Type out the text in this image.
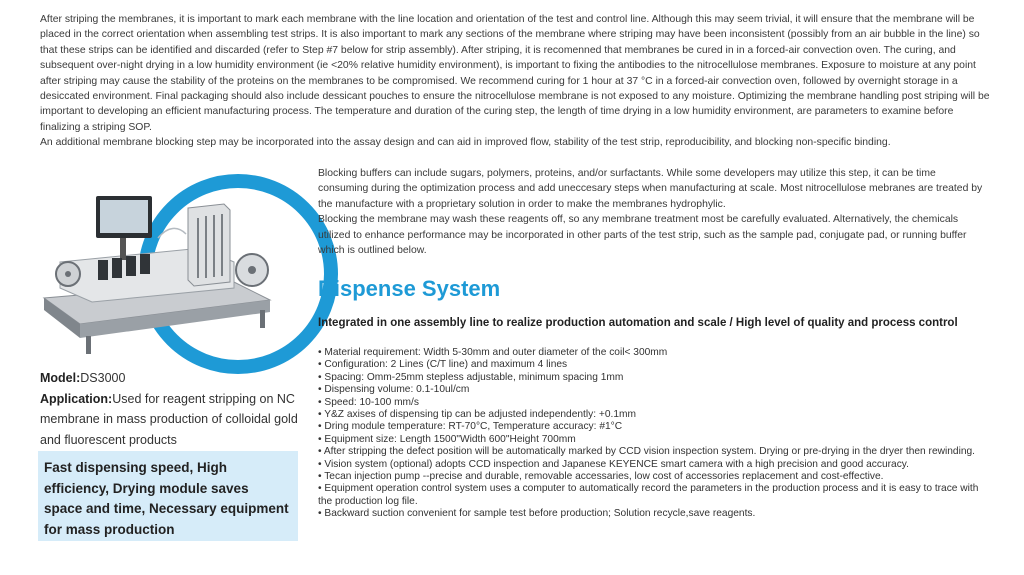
After striping the membranes, it is important to mark each membrane with the line location and orientation of the test and control line. Although this may seem trivial, it will ensure that the membrane will be placed in the correct orientation when assembling test strips. It is also important to mark any sections of the membrane where striping may have been inconsistent (possibly from an air bubble in the line) so that these strips can be identified and discarded (refer to Step #7 below for strip assembly). After striping, it is recomenned that membranes be cured in in a forced-air convection oven. The curing, and subsequent over-night drying in a low humidity environment (ie <20% relative humidity environment), is important to fixing the antibodies to the nitrocellulose membranes. Exposure to moisture at any point after striping may cause the stability of the proteins on the membranes to be compromised. We recommend curing for 1 hour at 37 °C in a forced-air convection oven, followed by overnight storage in a desiccated environment. Final packaging should also include dessicant pouches to ensure the nitrocellulose membrane is not exposed to any moisture. Optimizing the membrane handling post striping will be important to developing an efficient manufacturing process. The temperature and duration of the curing step, the length of time drying in a low humidity environment, are parameters to examine before finalizing a striping SOP.

An additional membrane blocking step may be incorporated into the assay design and can aid in improved flow, stability of the test strip, reproducibility, and blocking non-specific binding.

Model:DS3000
Application:Used for reagent stripping on NC membrane in mass production of colloidal gold and fluorescent products
Fast dispensing speed, High efficiency, Drying module saves space and time, Necessary equipment for mass production

Blocking buffers can include sugars, polymers, proteins, and/or surfactants. While some developers may utilize this step, it can be time consuming during the optimization process and add uneccesary steps when manufacturing at scale. Most nitrocellulose mebranes are treated by the manufacture with a proprietary solution in order to make the membranes hydrophylic.

Blocking the membrane may wash these reagents off, so any membrane treatment most be carefully evaluated. Alternatively, the chemicals utilized to enhance performance may be incorporated in other parts of the test strip, such as the sample pad, conjugate pad, or running buffer which is outlined below.

Dispense System
Integrated in one assembly line to realize production automation and scale / High level of quality and process control
• Material requirement: Width 5-30mm and outer diameter of the coil< 300mm
• Configuration: 2 Lines (C/T line) and maximum 4 lines
• Spacing: Omm-25mm stepless adjustable, minimum spacing 1mm
• Dispensing volume: 0.1-10ul/cm
• Speed: 10-100 mm/s
• Y&Z axises of dispensing tip can be adjusted independently: +0.1mm
• Dring module temperature: RT-70°C, Temperature accuracy: #1°C
• Equipment size: Length 1500"Width 600"Height 700mm
• After stripping the defect position will be automatically marked by CCD vision inspection system. Drying or pre-drying in the dryer then rewinding.
• Vision system (optional) adopts CCD inspection and Japanese KEYENCE smart camera with a high precision and good accuracy.
• Tecan injection pump --precise and durable, removable accessaries, low cost of accessories replacement and cost-effective.
• Equipment operation control system uses a computer to automatically record the parameters in the production process and it is easy to trace with the production log file.
• Backward suction convenient for sample test before production; Solution recycle,save reagents.
